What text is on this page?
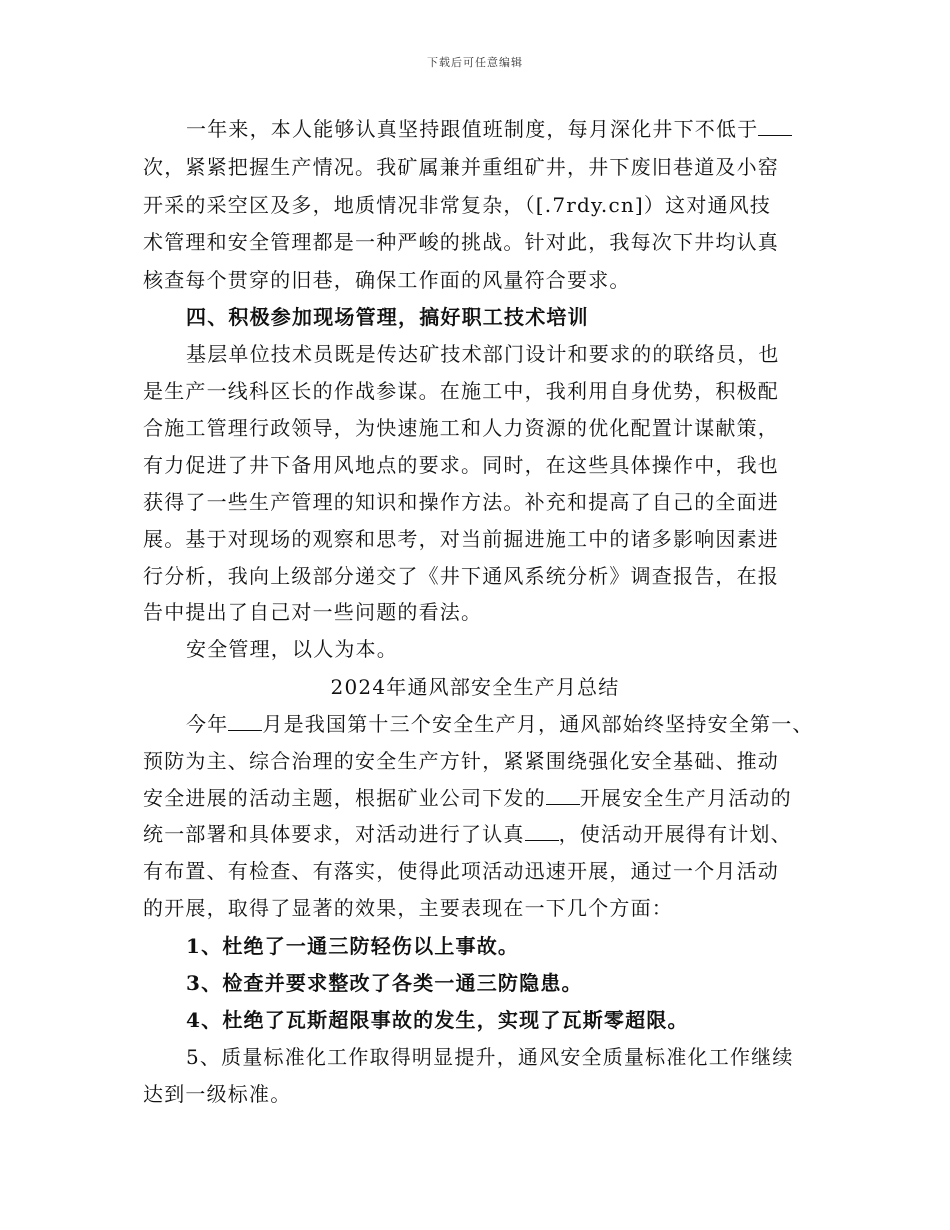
下载后可任意编辑
一年来，本人能够认真坚持跟值班制度，每月深化井下不低于
次，紧紧把握生产情况。我矿属兼并重组矿井，井下废旧巷道及小窑
开采的采空区及多，地质情况非常复杂，（[.7rdy.cn]）这对通风技
术管理和安全管理都是一种严峻的挑战。针对此，我每次下井均认真
核查每个贯穿的旧巷，确保工作面的风量符合要求。
四、积极参加现场管理，搞好职工技术培训
基层单位技术员既是传达矿技术部门设计和要求的的联络员，也
是生产一线科区长的作战参谋。在施工中，我利用自身优势，积极配
合施工管理行政领导，为快速施工和人力资源的优化配置计谋献策，
有力促进了井下备用风地点的要求。同时，在这些具体操作中，我也
获得了一些生产管理的知识和操作方法。补充和提高了自己的全面进
展。基于对现场的观察和思考，对当前掘进施工中的诸多影响因素进
行分析，我向上级部分递交了《井下通风系统分析》调查报告，在报
告中提出了自己对一些问题的看法。
安全管理，以人为本。
2024年通风部安全生产月总结
今年 月是我国第十三个安全生产月，通风部始终坚持安全第一、
预防为主、综合治理的安全生产方针，紧紧围绕强化安全基础、推动
安全进展的活动主题，根据矿业公司下发的 开展安全生产月活动的
统一部署和具体要求，对活动进行了认真 ，使活动开展得有计划、
有布置、有检查、有落实，使得此项活动迅速开展，通过一个月活动
的开展，取得了显著的效果，主要表现在一下几个方面：
1、杜绝了一通三防轻伤以上事故。
3、检查并要求整改了各类一通三防隐患。
4、杜绝了瓦斯超限事故的发生，实现了瓦斯零超限。
5、质量标准化工作取得明显提升，通风安全质量标准化工作继续
达到一级标准。
